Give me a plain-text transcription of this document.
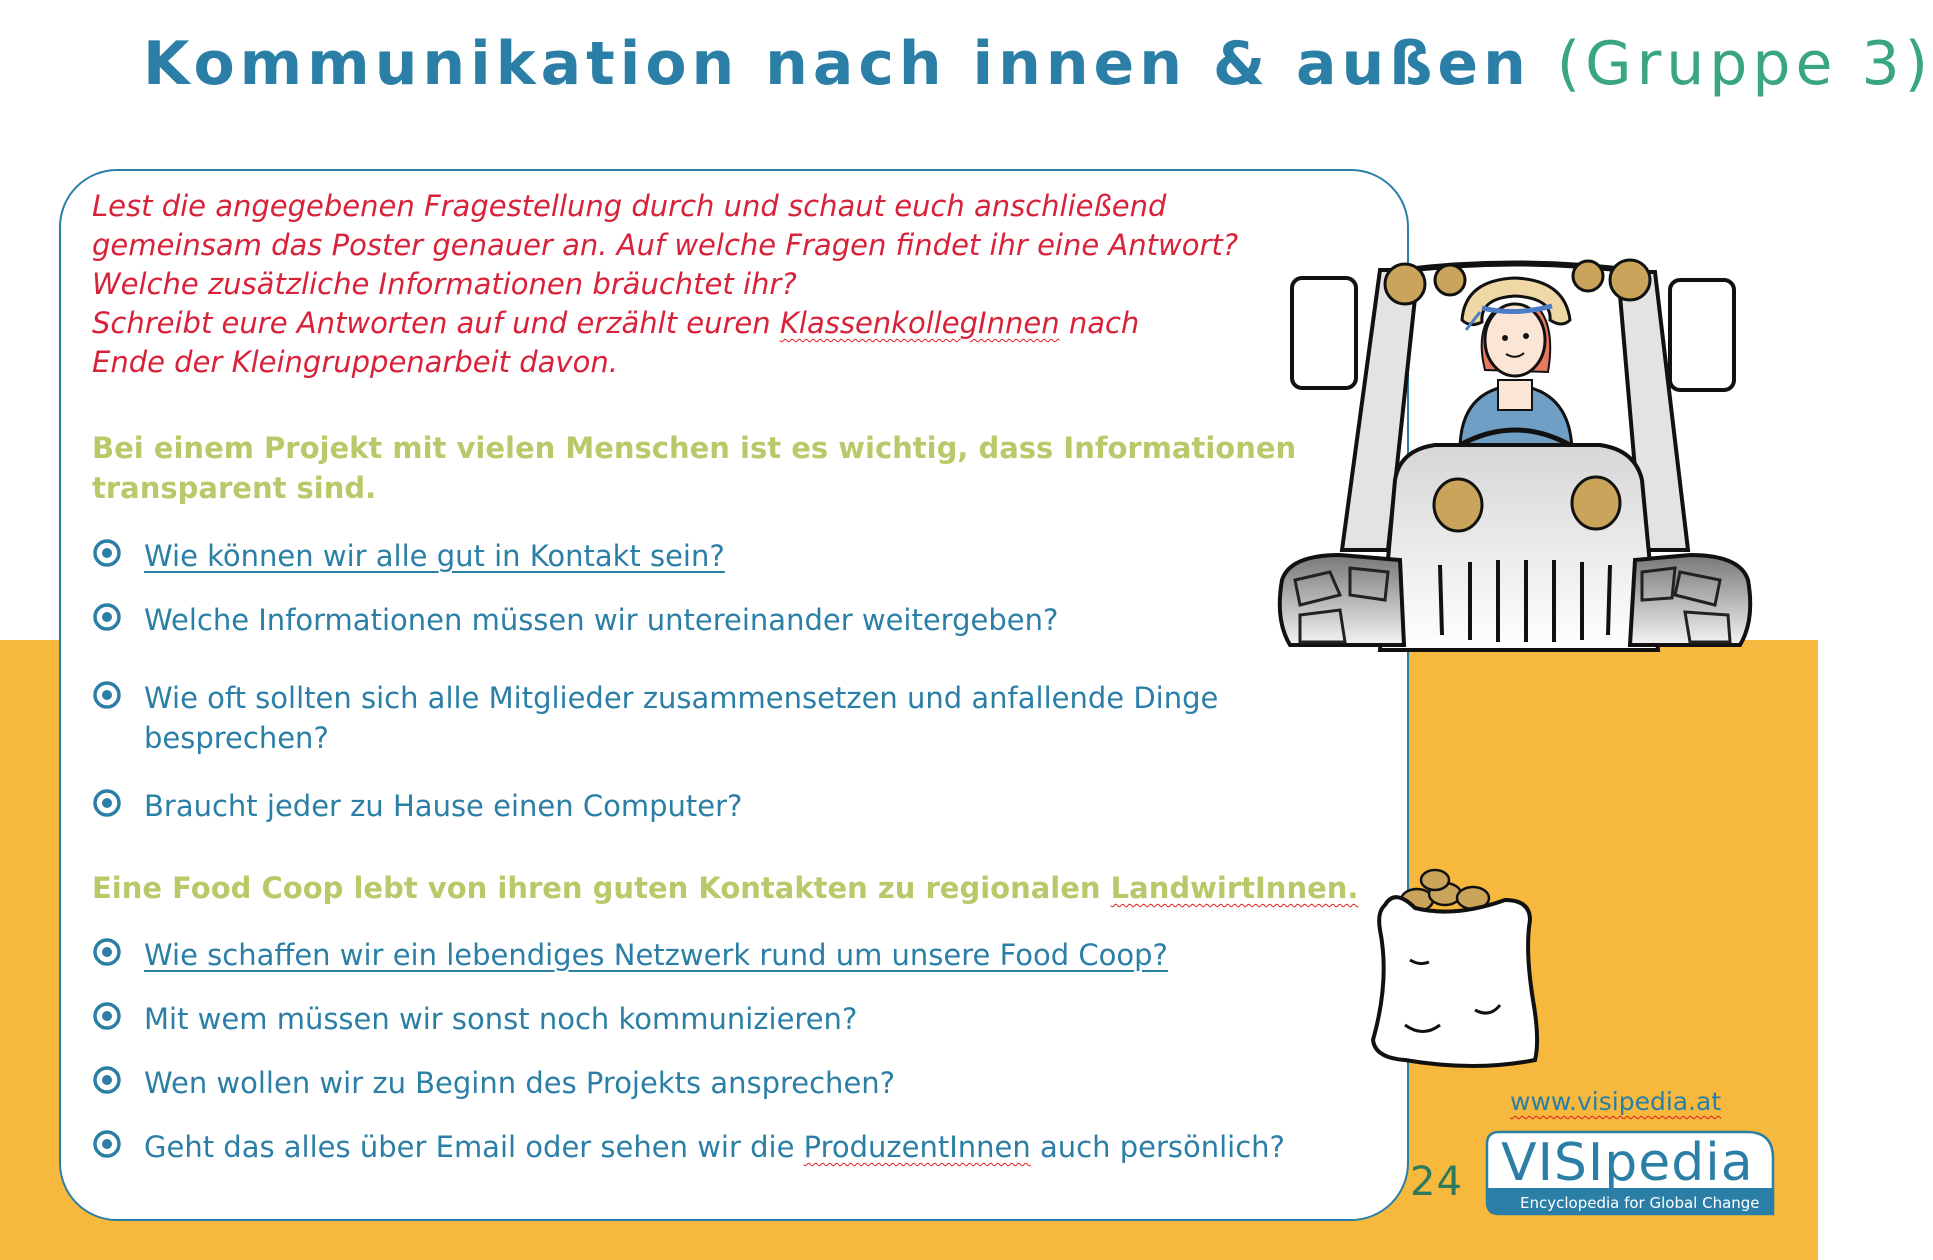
Kommunikation nach innen & außen (Gruppe 3)
Lest die angegebenen Fragestellung durch und schaut euch anschließend
gemeinsam das Poster genauer an. Auf welche Fragen findet ihr eine Antwort?
Welche zusätzliche Informationen bräuchtet ihr?
Schreibt eure Antworten auf und erzählt euren KlassenkollegInnen nach
Ende der Kleingruppenarbeit davon.
Bei einem Projekt mit vielen Menschen ist es wichtig, dass Informationen
transparent sind.
Wie können wir alle gut in Kontakt sein?
Welche Informationen müssen wir untereinander weitergeben?
Wie oft sollten sich alle Mitglieder zusammensetzen und anfallende Dinge
besprechen?
Braucht jeder zu Hause einen Computer?
Eine Food Coop lebt von ihren guten Kontakten zu regionalen LandwirtInnen.
Wie schaffen wir ein lebendiges Netzwerk rund um unsere Food Coop?
Mit wem müssen wir sonst noch kommunizieren?
Wen wollen wir zu Beginn des Projekts ansprechen?
Geht das alles über Email oder sehen wir die ProduzentInnen auch persönlich?
24
www.visipedia.at
VISIpedia
Encyclopedia for Global Change
